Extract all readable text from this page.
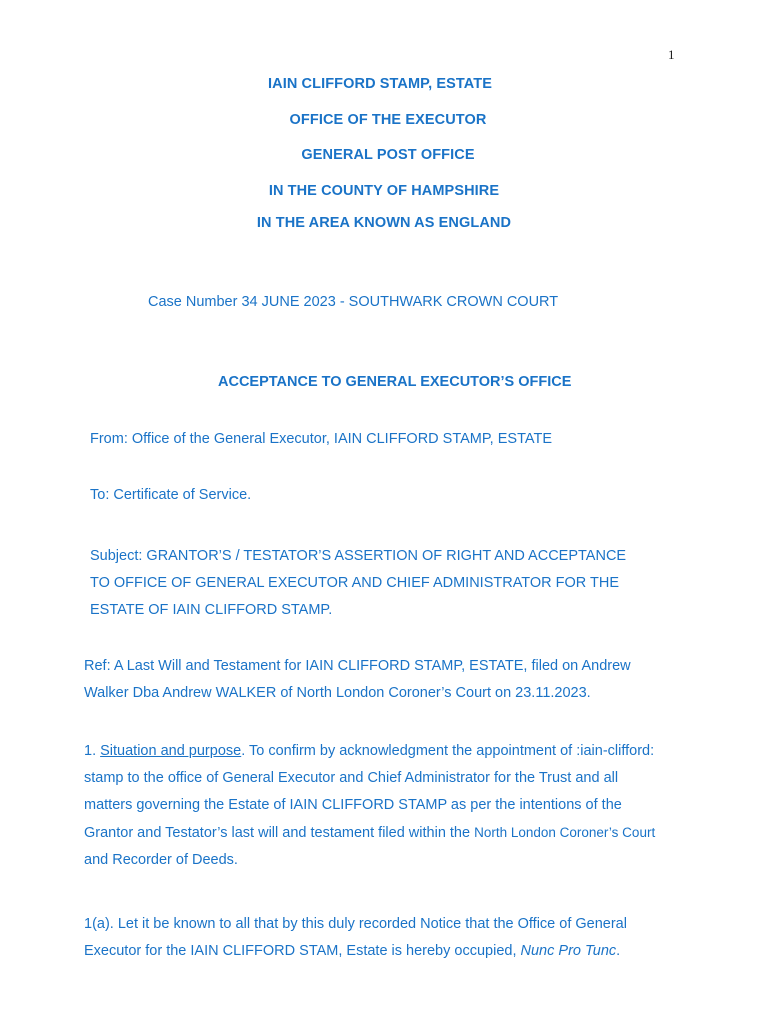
1
IAIN CLIFFORD STAMP, ESTATE
OFFICE OF THE EXECUTOR
GENERAL POST OFFICE
IN THE COUNTY OF HAMPSHIRE
IN THE AREA KNOWN AS ENGLAND
Case Number 34 JUNE 2023 - SOUTHWARK CROWN COURT
ACCEPTANCE TO GENERAL EXECUTOR’S OFFICE
From: Office of the General Executor, IAIN CLIFFORD STAMP, ESTATE
To: Certificate of Service.
Subject: GRANTOR’S / TESTATOR’S ASSERTION OF RIGHT AND ACCEPTANCE
TO OFFICE OF GENERAL EXECUTOR AND CHIEF ADMINISTRATOR FOR THE
ESTATE OF IAIN CLIFFORD STAMP.
Ref: A Last Will and Testament for IAIN CLIFFORD STAMP, ESTATE, filed on Andrew
Walker Dba Andrew WALKER of North London Coroner’s Court on 23.11.2023.
1. Situation and purpose. To confirm by acknowledgment the appointment of :iain-clifford:
stamp to the office of General Executor and Chief Administrator for the Trust and all
matters governing the Estate of IAIN CLIFFORD STAMP as per the intentions of the
Grantor and Testator’s last will and testament filed within the North London Coroner’s Court
and Recorder of Deeds.
1(a). Let it be known to all that by this duly recorded Notice that the Office of General
Executor for the IAIN CLIFFORD STAM, Estate is hereby occupied, Nunc Pro Tunc.
